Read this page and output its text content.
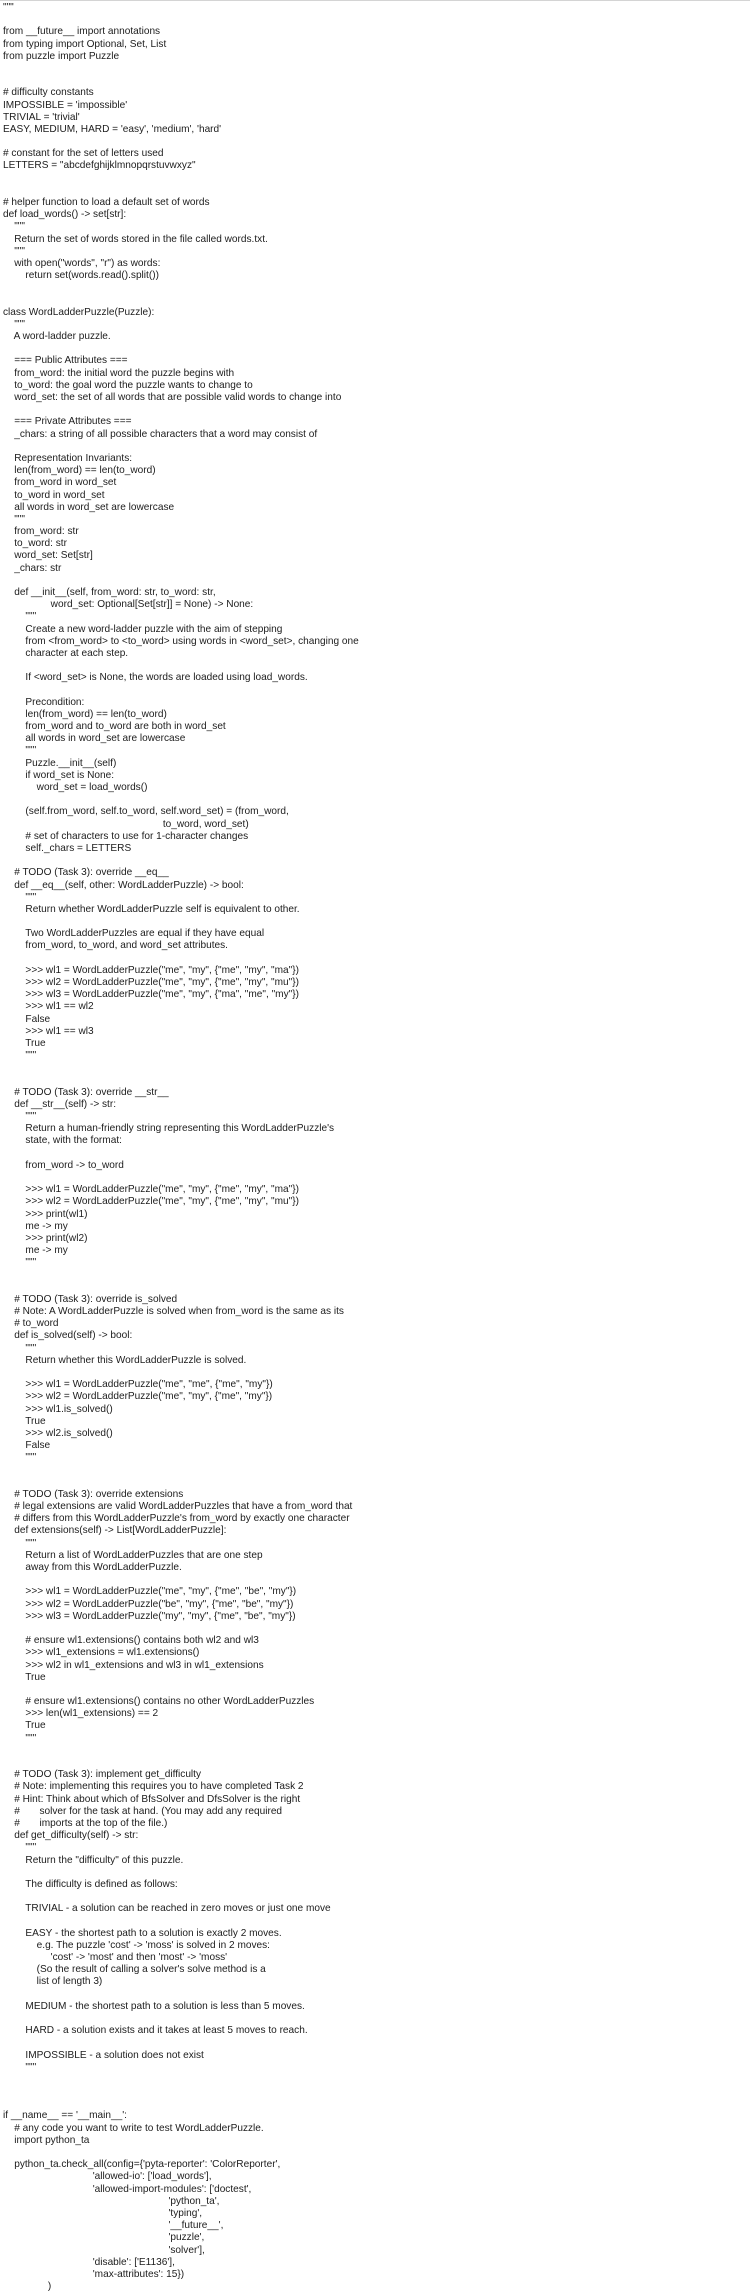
"""
from __future__ import annotations
from typing import Optional, Set, List
from puzzle import Puzzle
# difficulty constants
IMPOSSIBLE = 'impossible'
TRIVIAL = 'trivial'
EASY, MEDIUM, HARD = 'easy', 'medium', 'hard'
# constant for the set of letters used
LETTERS = "abcdefghijklmnopqrstuvwxyz"
# helper function to load a default set of words
def load_words() -> set[str]:
"""
Return the set of words stored in the file called words.txt.
"""
with open("words", "r") as words:
return set(words.read().split())
class WordLadderPuzzle(Puzzle):
"""
A word-ladder puzzle.
=== Public Attributes ===
from_word: the initial word the puzzle begins with
to_word: the goal word the puzzle wants to change to
word_set: the set of all words that are possible valid words to change into
=== Private Attributes ===
_chars: a string of all possible characters that a word may consist of
Representation Invariants:
len(from_word) == len(to_word)
from_word in word_set
to_word in word_set
all words in word_set are lowercase
"""
from_word: str
to_word: str
word_set: Set[str]
_chars: str
def __init__(self, from_word: str, to_word: str,
word_set: Optional[Set[str]] = None) -> None:
"""
Create a new word-ladder puzzle with the aim of stepping
from <from_word> to <to_word> using words in <word_set>, changing one
character at each step.
If <word_set> is None, the words are loaded using load_words.
Precondition:
len(from_word) == len(to_word)
from_word and to_word are both in word_set
all words in word_set are lowercase
"""
Puzzle.__init__(self)
if word_set is None:
word_set = load_words()
(self.from_word, self.to_word, self.word_set) = (from_word,
to_word, word_set)
# set of characters to use for 1-character changes
self._chars = LETTERS
# TODO (Task 3): override __eq__
def __eq__(self, other: WordLadderPuzzle) -> bool:
"""
Return whether WordLadderPuzzle self is equivalent to other.
Two WordLadderPuzzles are equal if they have equal
from_word, to_word, and word_set attributes.
>>> wl1 = WordLadderPuzzle("me", "my", {"me", "my", "ma"})
>>> wl2 = WordLadderPuzzle("me", "my", {"me", "my", "mu"})
>>> wl3 = WordLadderPuzzle("me", "my", {"ma", "me", "my"})
>>> wl1 == wl2
False
>>> wl1 == wl3
True
"""
# TODO (Task 3): override __str__
def __str__(self) -> str:
"""
Return a human-friendly string representing this WordLadderPuzzle's
state, with the format:
from_word -> to_word
>>> wl1 = WordLadderPuzzle("me", "my", {"me", "my", "ma"})
>>> wl2 = WordLadderPuzzle("me", "my", {"me", "my", "mu"})
>>> print(wl1)
me -> my
>>> print(wl2)
me -> my
"""
# TODO (Task 3): override is_solved
# Note: A WordLadderPuzzle is solved when from_word is the same as its
# to_word
def is_solved(self) -> bool:
"""
Return whether this WordLadderPuzzle is solved.
>>> wl1 = WordLadderPuzzle("me", "me", {"me", "my"})
>>> wl2 = WordLadderPuzzle("me", "my", {"me", "my"})
>>> wl1.is_solved()
True
>>> wl2.is_solved()
False
"""
# TODO (Task 3): override extensions
# legal extensions are valid WordLadderPuzzles that have a from_word that
# differs from this WordLadderPuzzle's from_word by exactly one character
def extensions(self) -> List[WordLadderPuzzle]:
"""
Return a list of WordLadderPuzzles that are one step
away from this WordLadderPuzzle.
>>> wl1 = WordLadderPuzzle("me", "my", {"me", "be", "my"})
>>> wl2 = WordLadderPuzzle("be", "my", {"me", "be", "my"})
>>> wl3 = WordLadderPuzzle("my", "my", {"me", "be", "my"})
# ensure wl1.extensions() contains both wl2 and wl3
>>> wl1_extensions = wl1.extensions()
>>> wl2 in wl1_extensions and wl3 in wl1_extensions
True
# ensure wl1.extensions() contains no other WordLadderPuzzles
>>> len(wl1_extensions) == 2
True
"""
# TODO (Task 3): implement get_difficulty
# Note: implementing this requires you to have completed Task 2
# Hint: Think about which of BfsSolver and DfsSolver is the right
#       solver for the task at hand. (You may add any required
#       imports at the top of the file.)
def get_difficulty(self) -> str:
"""
Return the "difficulty" of this puzzle.
The difficulty is defined as follows:
TRIVIAL - a solution can be reached in zero moves or just one move
EASY - the shortest path to a solution is exactly 2 moves.
e.g. The puzzle 'cost' -> 'moss' is solved in 2 moves:
'cost' -> 'most' and then 'most' -> 'moss'
(So the result of calling a solver's solve method is a
list of length 3)
MEDIUM - the shortest path to a solution is less than 5 moves.
HARD - a solution exists and it takes at least 5 moves to reach.
IMPOSSIBLE - a solution does not exist
"""
if __name__ == '__main__':
# any code you want to write to test WordLadderPuzzle.
import python_ta
python_ta.check_all(config={'pyta-reporter': 'ColorReporter',
'allowed-io': ['load_words'],
'allowed-import-modules': ['doctest',
'python_ta',
'typing',
'__future__',
'puzzle',
'solver'],
'disable': ['E1136'],
'max-attributes': 15})
)
